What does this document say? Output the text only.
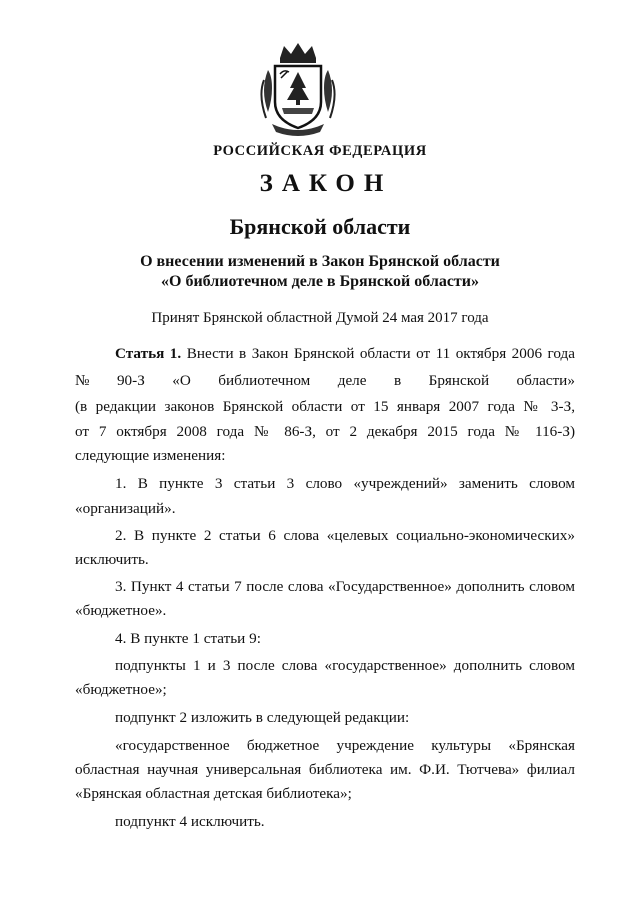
РОССИЙСКАЯ ФЕДЕРАЦИЯ
ЗАКОН
Брянской области
О внесении изменений в Закон Брянской области
«О библиотечном деле в Брянской области»
Принят Брянской областной Думой 24 мая 2017 года
Статья 1. Внести в Закон Брянской области от 11 октября 2006 года
№ 90-З «О библиотечном деле в Брянской области»
(в редакции законов Брянской области от 15 января 2007 года № 3-З,
от 7 октября 2008 года № 86-З, от 2 декабря 2015 года № 116-З)
следующие изменения:
1. В пункте 3 статьи 3 слово «учреждений» заменить словом
«организаций».
2. В пункте 2 статьи 6 слова «целевых социально-экономических»
исключить.
3. Пункт 4 статьи 7 после слова «Государственное» дополнить словом
«бюджетное».
4. В пункте 1 статьи 9:
подпункты 1 и 3 после слова «государственное» дополнить словом
«бюджетное»;
подпункт 2 изложить в следующей редакции:
«государственное бюджетное учреждение культуры «Брянская
областная научная универсальная библиотека им. Ф.И. Тютчева» филиал
«Брянская областная детская библиотека»;
подпункт 4 исключить.
